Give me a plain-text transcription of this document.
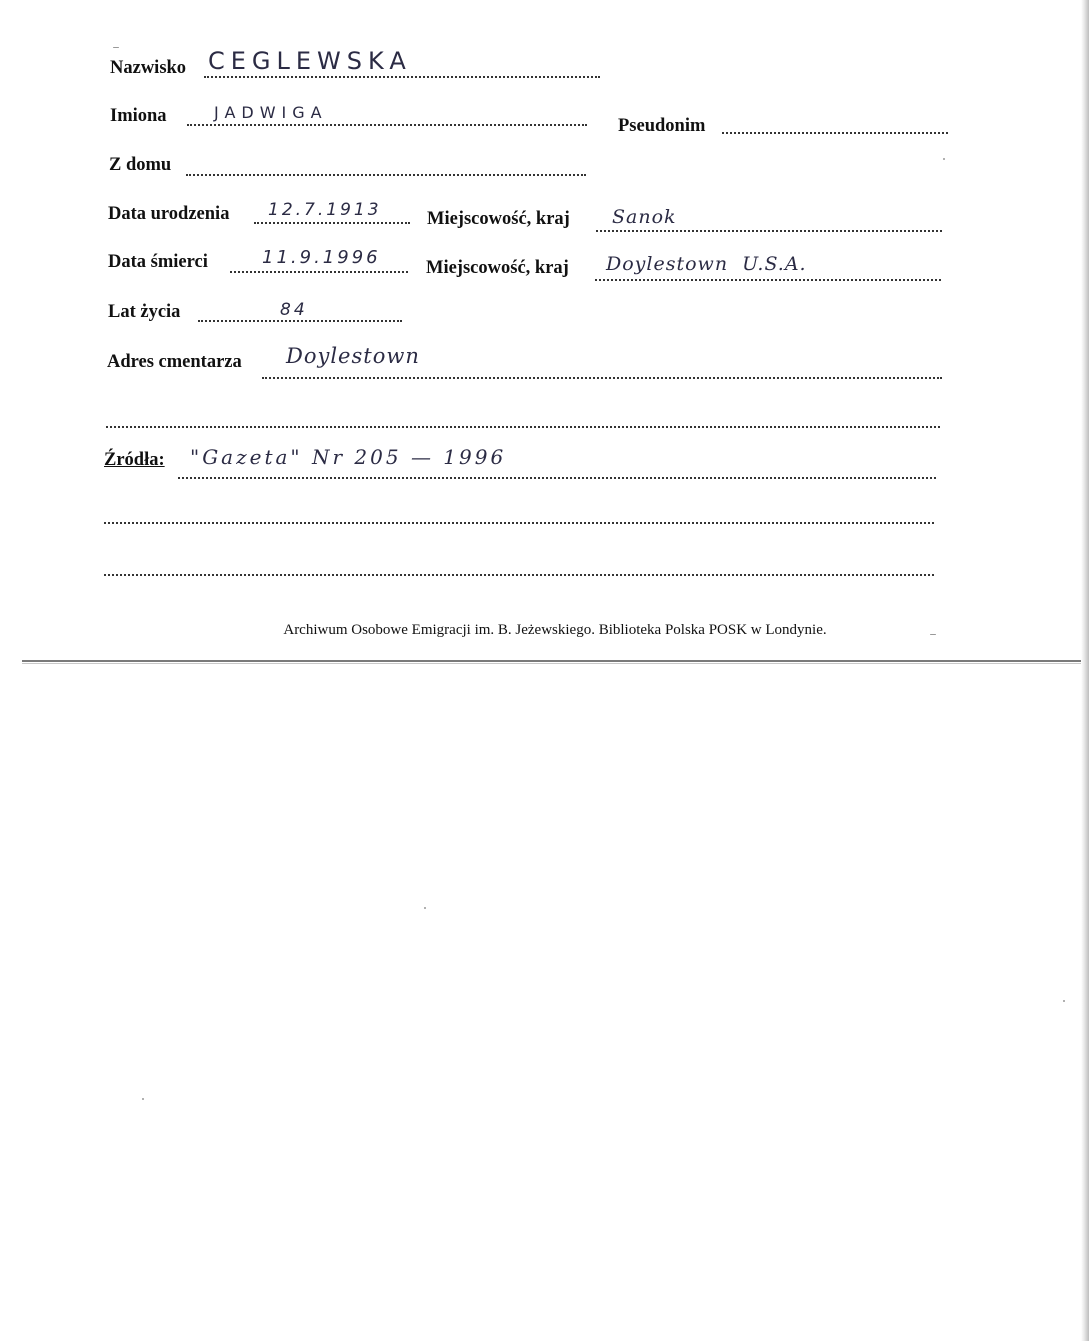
Nazwisko CEGLEWSKA
Imiona	JADWIGA
Pseudonim
Z domu
Data urodzenia 12.7.1913 Miejscowość, kraj Sanok
Data śmierci	11.9.1996 Miejscowość, kraj Doylestown  U.S.A.
Lat życia	84
Adres cmentarza Doylestown
Źródła: "Gazeta" Nr 205 — 1996
Archiwum Osobowe Emigracji im. B. Jeżewskiego. Biblioteka Polska POSK w Londynie.
